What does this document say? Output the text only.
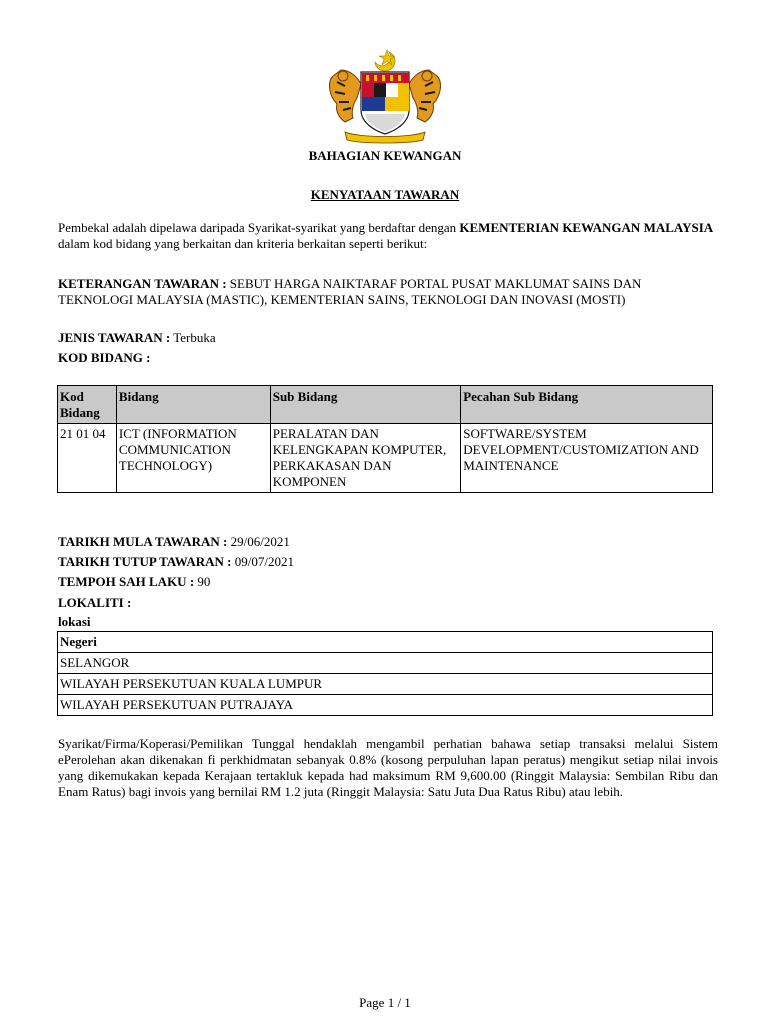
BAHAGIAN KEWANGAN
KENYATAAN TAWARAN
Pembekal adalah dipelawa daripada Syarikat-syarikat yang berdaftar dengan KEMENTERIAN KEWANGAN MALAYSIA dalam kod bidang yang berkaitan dan kriteria berkaitan seperti berikut:
KETERANGAN TAWARAN : SEBUT HARGA NAIKTARAF PORTAL PUSAT MAKLUMAT SAINS DAN TEKNOLOGI MALAYSIA (MASTIC), KEMENTERIAN SAINS, TEKNOLOGI DAN INOVASI (MOSTI)
JENIS TAWARAN : Terbuka
KOD BIDANG :
Kod Bidang	Bidang	Sub Bidang	Pecahan Sub Bidang
21 01 04	ICT (INFORMATION COMMUNICATION TECHNOLOGY)	PERALATAN DAN KELENGKAPAN KOMPUTER, PERKAKASAN DAN KOMPONEN	SOFTWARE/SYSTEM DEVELOPMENT/CUSTOMIZATION AND MAINTENANCE
TARIKH MULA TAWARAN : 29/06/2021
TARIKH TUTUP TAWARAN : 09/07/2021
TEMPOH SAH LAKU : 90
LOKALITI :
lokasi
Negeri
SELANGOR
WILAYAH PERSEKUTUAN KUALA LUMPUR
WILAYAH PERSEKUTUAN PUTRAJAYA
Syarikat/Firma/Koperasi/Pemilikan Tunggal hendaklah mengambil perhatian bahawa setiap transaksi melalui Sistem ePerolehan akan dikenakan fi perkhidmatan sebanyak 0.8% (kosong perpuluhan lapan peratus) mengikut setiap nilai invois yang dikemukakan kepada Kerajaan tertakluk kepada had maksimum RM 9,600.00 (Ringgit Malaysia: Sembilan Ribu dan Enam Ratus) bagi invois yang bernilai RM 1.2 juta (Ringgit Malaysia: Satu Juta Dua Ratus Ribu) atau lebih.
Page 1 / 1
